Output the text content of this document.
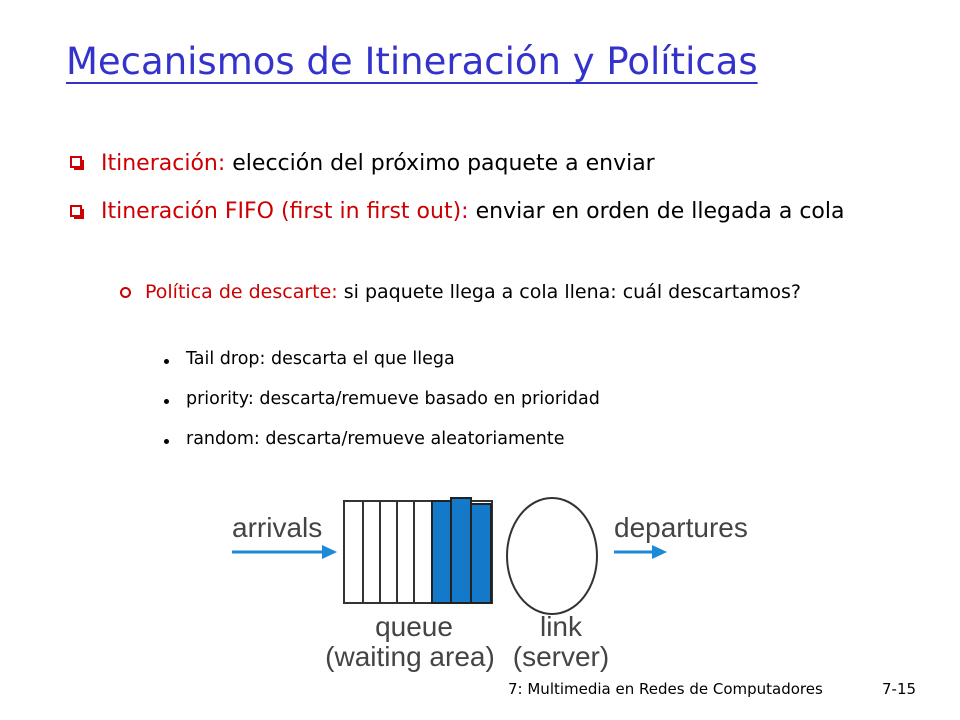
Mecanismos de Itineración y Políticas
Itineración: elección del próximo paquete a enviar
Itineración FIFO (first in first out): enviar en orden de llegada a cola
Política de descarte: si paquete llega a cola llena: cuál descartamos?
Tail drop: descarta el que llega
priority: descarta/remueve basado en prioridad
random: descarta/remueve aleatoriamente
arrivals	departures
queue
(waiting area)
link
(server)
7: Multimedia en Redes de Computadores	7-15
